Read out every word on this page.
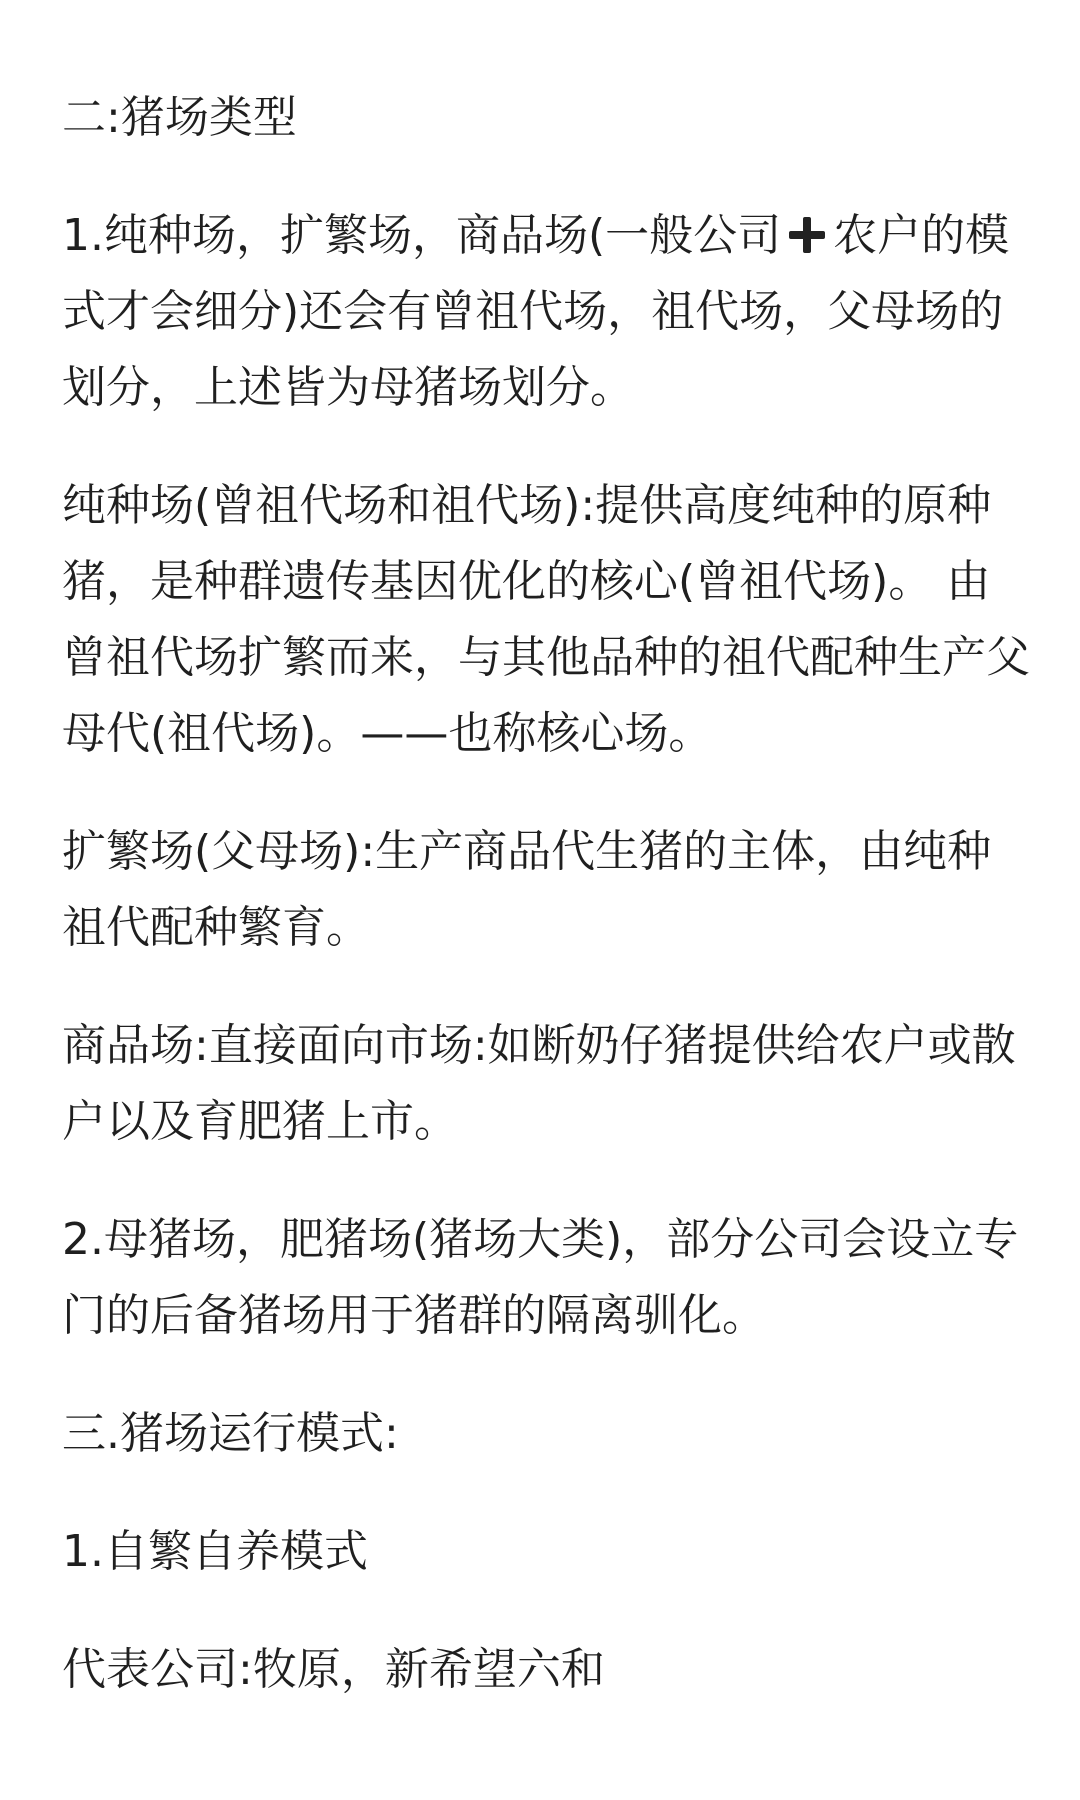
二:猪场类型

1.纯种场，扩繁场，商品场(一般公司 农户的模式才会细分)还会有曾祖代场，祖代场，父母场的划分，上述皆为母猪场划分。

纯种场(曾祖代场和祖代场):提供高度纯种的原种猪，是种群遗传基因优化的核心(曾祖代场)。 由曾祖代场扩繁而来，与其他品种的祖代配种生产父母代(祖代场)。——也称核心场。

扩繁场(父母场):生产商品代生猪的主体，由纯种祖代配种繁育。

商品场:直接面向市场:如断奶仔猪提供给农户或散户以及育肥猪上市。

2.母猪场，肥猪场(猪场大类)，部分公司会设立专门的后备猪场用于猪群的隔离驯化。

三.猪场运行模式:

1.自繁自养模式

代表公司:牧原，新希望六和
